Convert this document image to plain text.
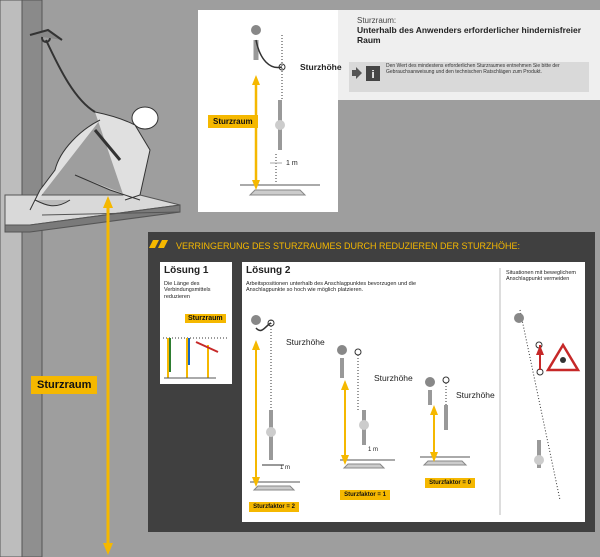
i
Sturzraum:
Unterhalb des Anwenders erforderlicher hindernisfreier Raum
Den Wert des mindestens erforderlichen Sturzraumes entnehmen Sie bitte der Gebrauchsanweisung und den technischen Ratschlägen zum Produkt.
Sturzhöhe
Sturzraum
1 m
Sturzraum
VERRINGERUNG DES STURZRAUMES DURCH REDUZIEREN DER STURZHÖHE:
Lösung 1
Die Länge des Verbindungsmittels reduzieren
Sturzraum
Lösung 2
Arbeitspositionen unterhalb des Anschlagpunktes bevorzugen und die Anschlagpunkte so hoch wie möglich platzieren.
Sturzhöhe
1 m
Sturzfaktor = 2
Sturzhöhe
1 m
Sturzfaktor = 1
Sturzhöhe
Sturzfaktor = 0
Situationen mit beweglichem Anschlagpunkt vermeiden
